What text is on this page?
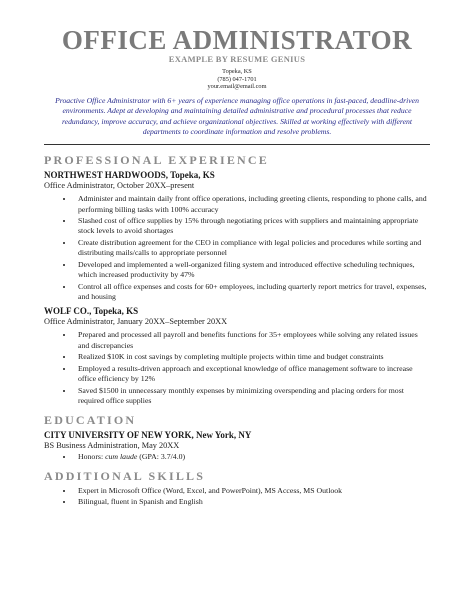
OFFICE ADMINISTRATOR
EXAMPLE BY RESUME GENIUS
Topeka, KS
(785) 047-1701
your.email@email.com
Proactive Office Administrator with 6+ years of experience managing office operations in fast-paced, deadline-driven environments. Adept at developing and maintaining detailed administrative and procedural processes that reduce redundancy, improve accuracy, and achieve organizational objectives. Skilled at working effectively with different departments to coordinate information and resolve problems.
PROFESSIONAL EXPERIENCE
NORTHWEST HARDWOODS, Topeka, KS
Office Administrator, October 20XX–present
• Administer and maintain daily front office operations, including greeting clients, responding to phone calls, and performing billing tasks with 100% accuracy
• Slashed cost of office supplies by 15% through negotiating prices with suppliers and maintaining appropriate stock levels to avoid shortages
• Create distribution agreement for the CEO in compliance with legal policies and procedures while sorting and distributing mails/calls to appropriate personnel
• Developed and implemented a well-organized filing system and introduced effective scheduling techniques, which increased productivity by 47%
• Control all office expenses and costs for 60+ employees, including quarterly report metrics for travel, expenses, and housing
WOLF CO., Topeka, KS
Office Administrator, January 20XX–September 20XX
• Prepared and processed all payroll and benefits functions for 35+ employees while solving any related issues and discrepancies
• Realized $10K in cost savings by completing multiple projects within time and budget constraints
• Employed a results-driven approach and exceptional knowledge of office management software to increase office efficiency by 12%
• Saved $1500 in unnecessary monthly expenses by minimizing overspending and placing orders for most required office supplies
EDUCATION
CITY UNIVERSITY OF NEW YORK, New York, NY
BS Business Administration, May 20XX
• Honors: cum laude (GPA: 3.7/4.0)
ADDITIONAL SKILLS
• Expert in Microsoft Office (Word, Excel, and PowerPoint), MS Access, MS Outlook
• Bilingual, fluent in Spanish and English
